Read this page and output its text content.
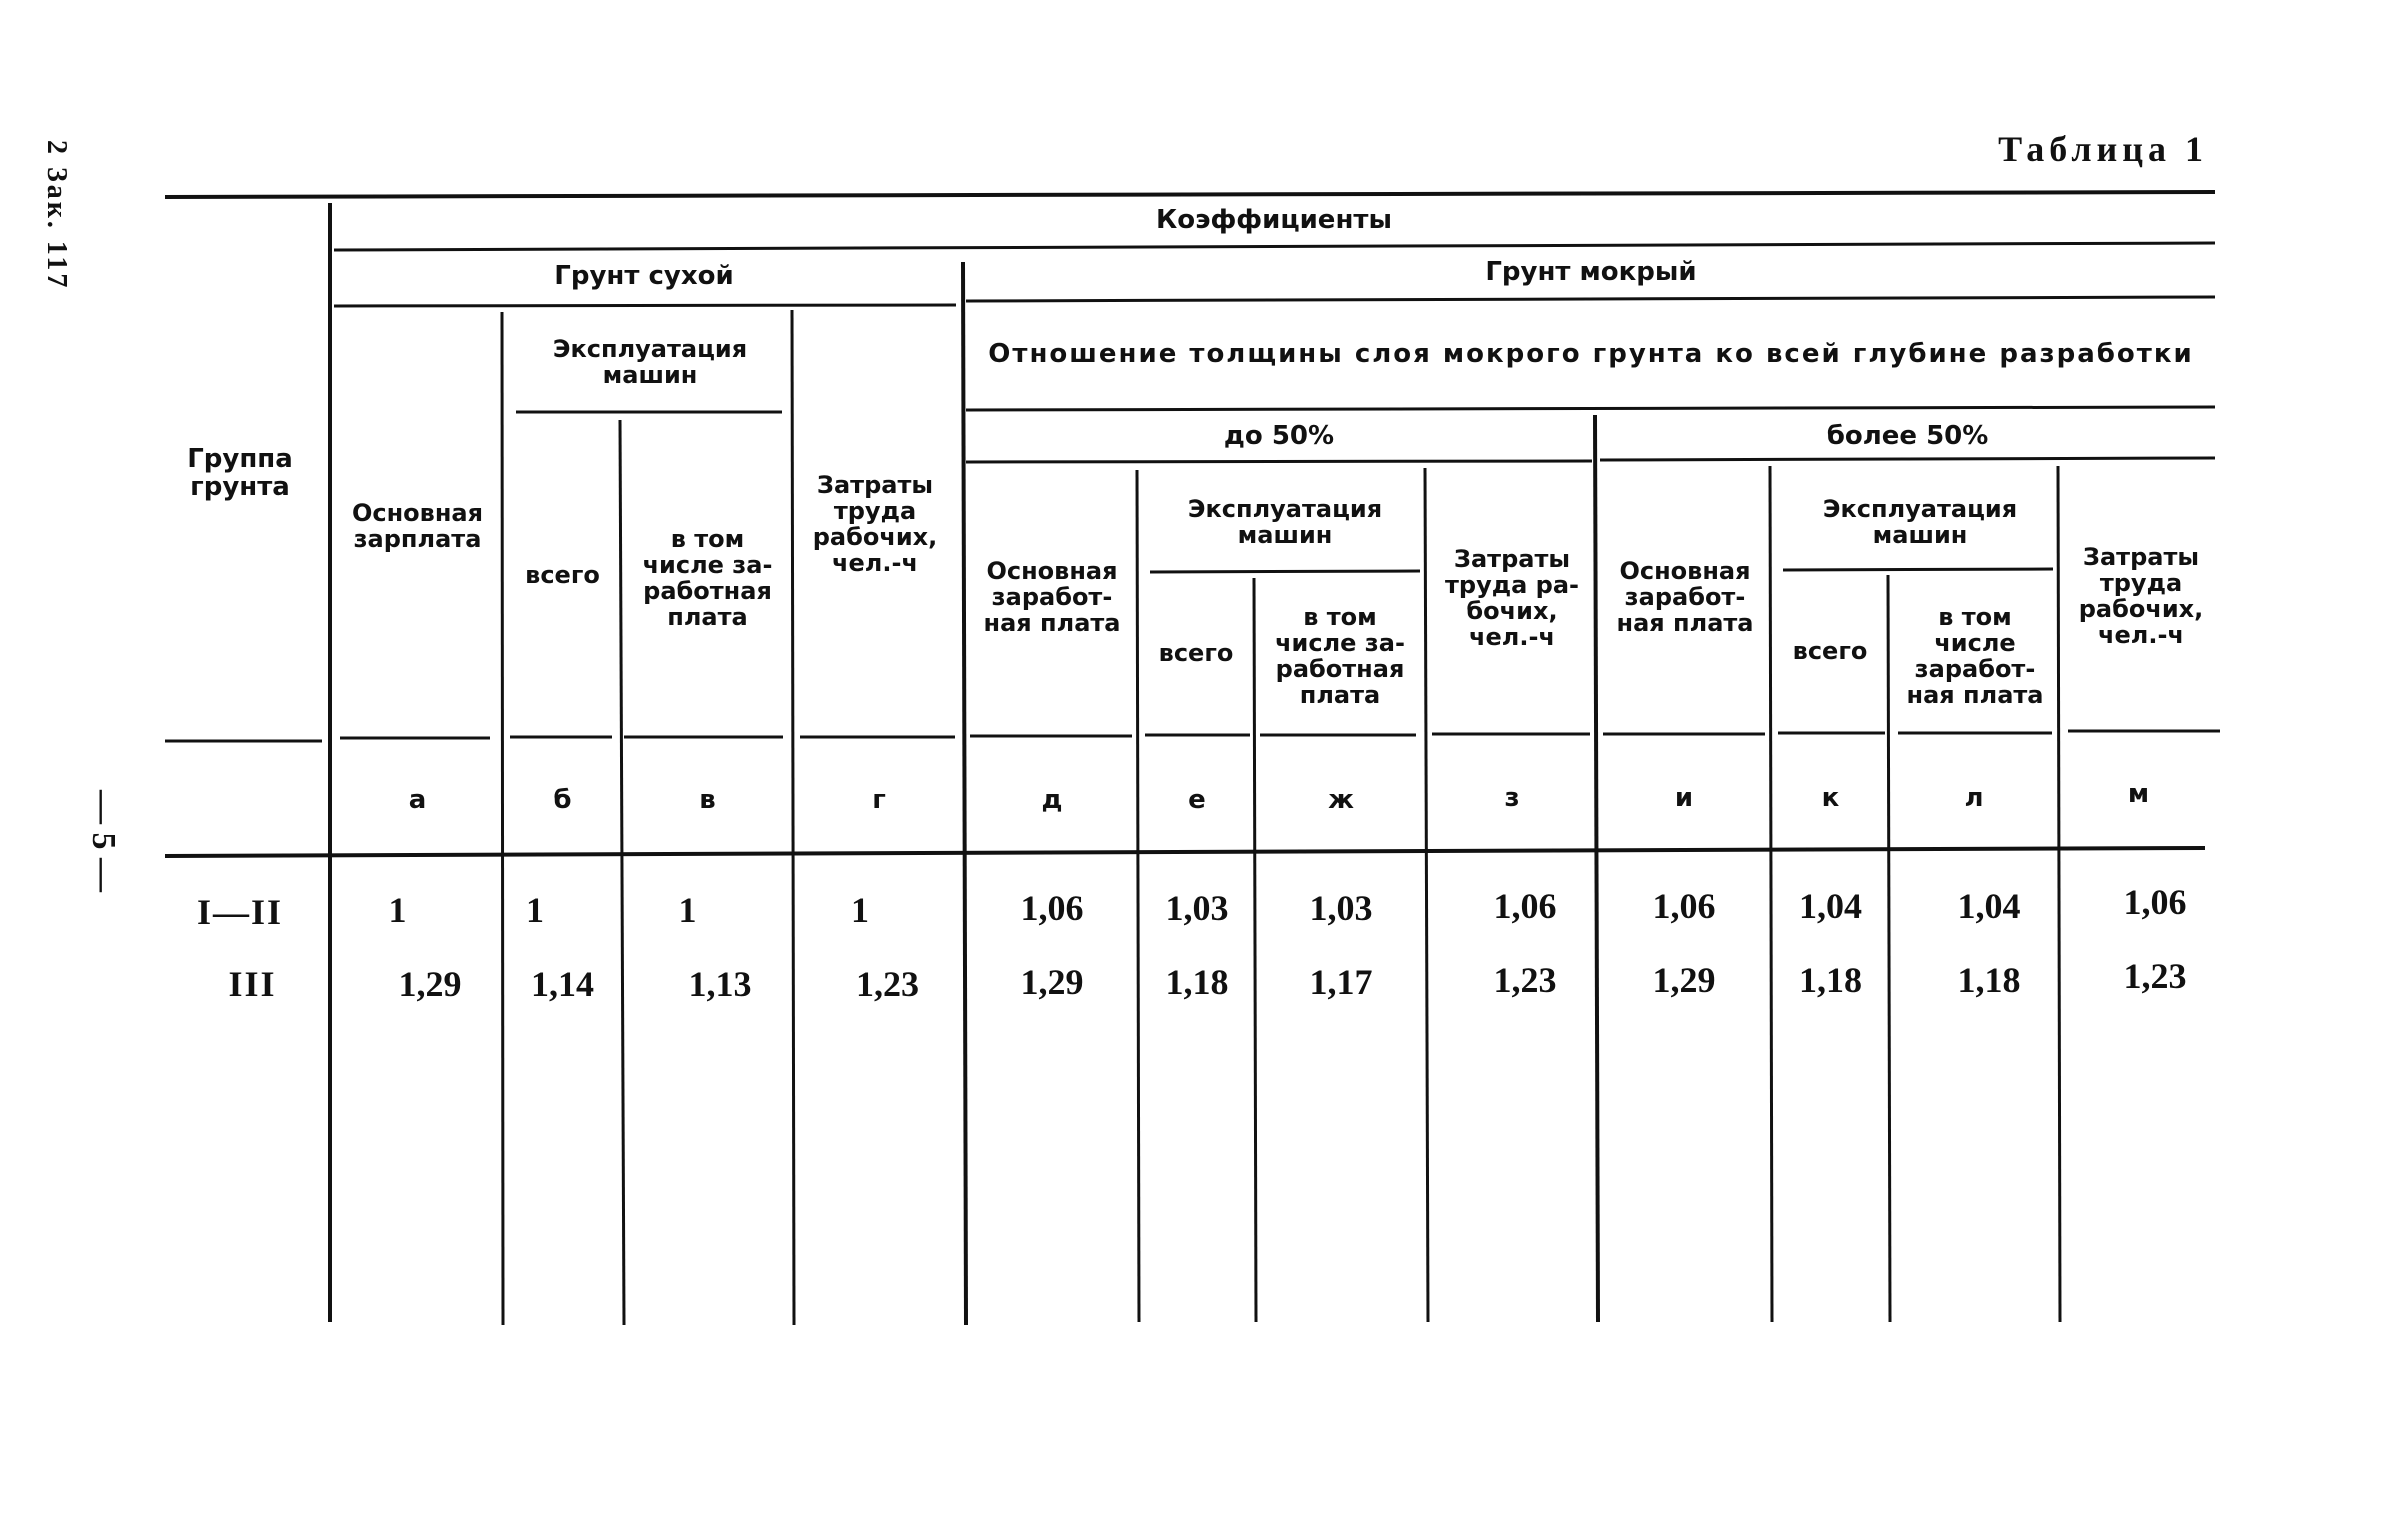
2 Зак. 117
— 5 —
Таблица 1
Группа грунта
Коэффициенты
Грунт сухой	Грунт мокрый
Отношение толщины слоя мокрого грунта ко всей глубине разработки
до 50%	более 50%
Основная зарплата
Эксплуатация машин
всего
в том числе за-работная плата
Затраты труда рабочих, чел.-ч	Основная заработ-ная плата
Эксплуатация машин
всего
в том числе за-работная плата
Затраты труда ра-бочих, чел.-ч
Основная заработ-ная плата
Эксплуатация машин
всего
в том числе заработ-ная плата
Затраты труда рабочих, чел.-ч
а	б	в	г	д	е	ж	з	и	к	л	м
I—II	1	1	1	1	1,06	1,03	1,03	1,06	1,06	1,04	1,04	1,06
III	1,29	1,14	1,13	1,23	1,29	1,18	1,17	1,23	1,29	1,18	1,18	1,23
